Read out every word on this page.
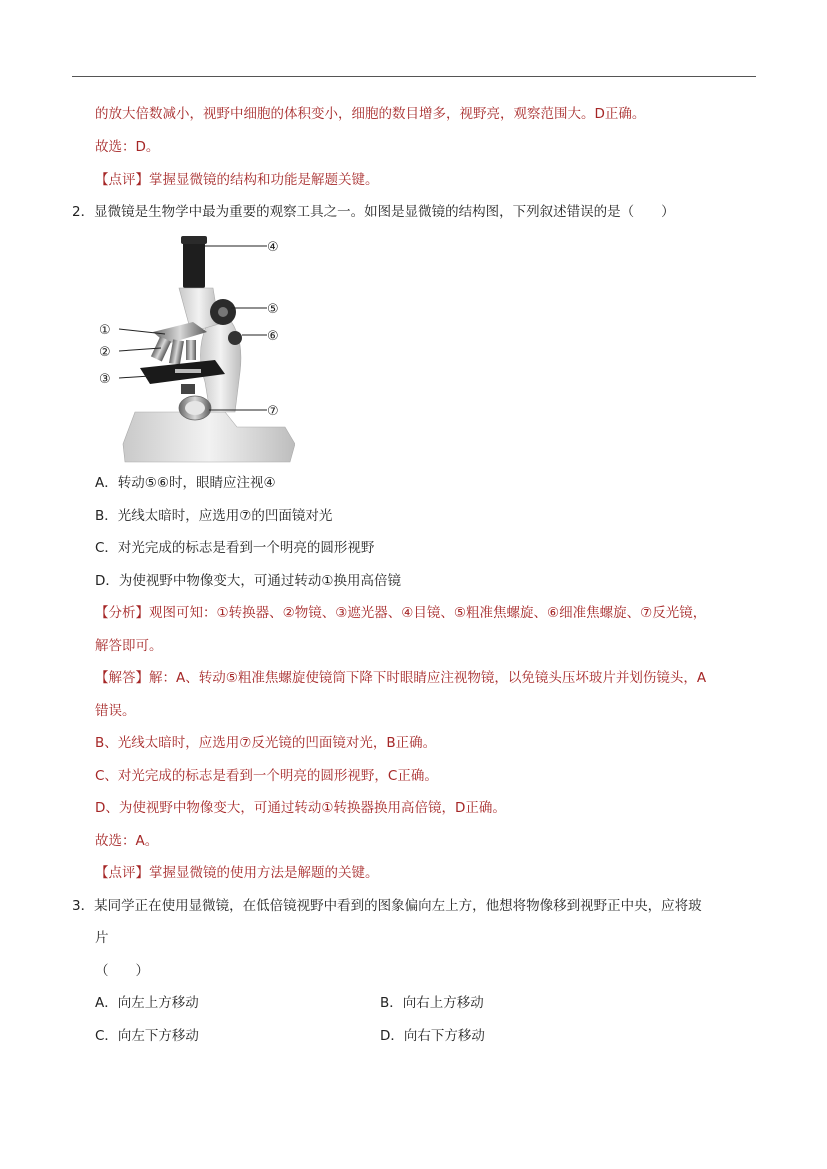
的放大倍数减小，视野中细胞的体积变小，细胞的数目增多，视野亮，观察范围大。D正确。
故选：D。
【点评】掌握显微镜的结构和功能是解题关键。
2．显微镜是生物学中最为重要的观察工具之一。如图是显微镜的结构图，下列叙述错误的是（　　）
④
⑤
⑥
⑦
①
②
③
A．转动⑤⑥时，眼睛应注视④
B．光线太暗时，应选用⑦的凹面镜对光
C．对光完成的标志是看到一个明亮的圆形视野
D．为使视野中物像变大，可通过转动①换用高倍镜
【分析】观图可知：①转换器、②物镜、③遮光器、④目镜、⑤粗准焦螺旋、⑥细准焦螺旋、⑦反光镜，
解答即可。
【解答】解：A、转动⑤粗准焦螺旋使镜筒下降下时眼睛应注视物镜，以免镜头压坏玻片并划伤镜头，A
错误。
B、光线太暗时，应选用⑦反光镜的凹面镜对光，B正确。
C、对光完成的标志是看到一个明亮的圆形视野，C正确。
D、为使视野中物像变大，可通过转动①转换器换用高倍镜，D正确。
故选：A。
【点评】掌握显微镜的使用方法是解题的关键。
3．某同学正在使用显微镜，在低倍镜视野中看到的图象偏向左上方，他想将物像移到视野正中央，应将玻
片
（　　）
A．向左上方移动	B．向右上方移动
C．向左下方移动	D．向右下方移动
